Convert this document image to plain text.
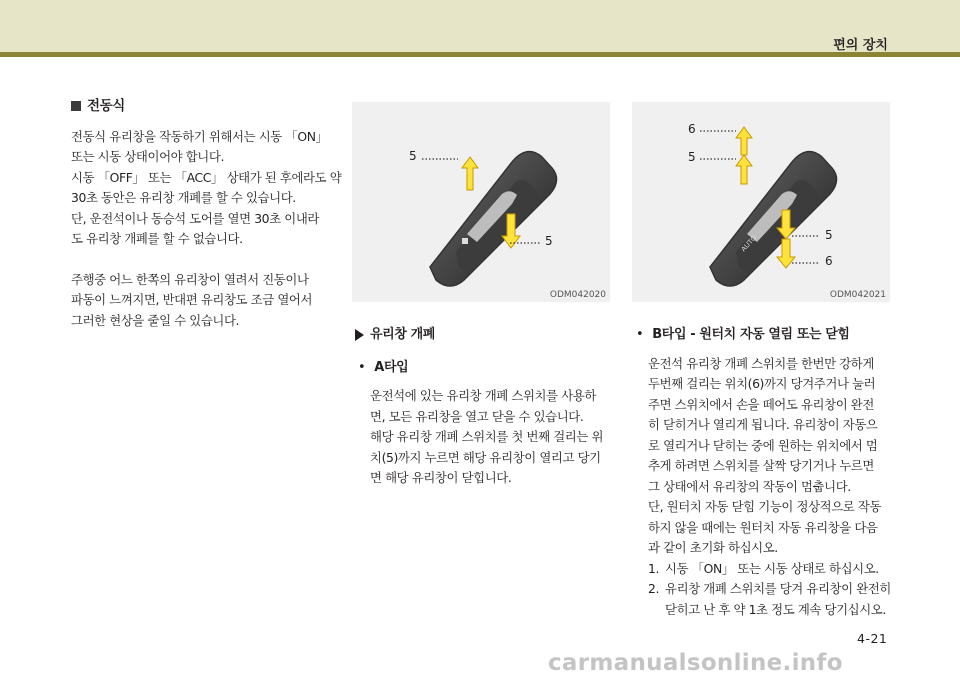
편의 장치
전동식

전동식 유리창을 작동하기 위해서는 시동 「ON」

또는 시동 상태이어야 합니다.

시동 「OFF」 또는 「ACC」 상태가 된 후에라도 약

30초 동안은 유리창 개폐를 할 수 있습니다.

단, 운전석이나 동승석 도어를 열면 30초 이내라

도 유리창 개폐를 할 수 없습니다.

주행중 어느 한쪽의 유리창이 열려서 진동이나

파동이 느껴지면, 반대편 유리창도 조금 열어서

그러한 현상을 줄일 수 있습니다.

5
5
ODM042020
AUTO
6
5
5
6
ODM042021
유리창 개폐
• A타입

운전석에 있는 유리창 개폐 스위치를 사용하

면, 모든 유리창을 열고 닫을 수 있습니다.

해당 유리창 개폐 스위치를 첫 번째 걸리는 위

치(5)까지 누르면 해당 유리창이 열리고 당기

면 해당 유리창이 닫힙니다.

• B타입 - 원터치 자동 열림 또는 닫힘

운전석 유리창 개폐 스위치를 한번만 강하게

두번째 걸리는 위치(6)까지 당겨주거나 눌러

주면 스위치에서 손을 떼어도 유리창이 완전

히 닫히거나 열리게 됩니다. 유리창이 자동으

로 열리거나 닫히는 중에 원하는 위치에서 멈

추게 하려면 스위치를 살짝 당기거나 누르면

그 상태에서 유리창의 작동이 멈춥니다.

단, 원터치 자동 닫힘 기능이 정상적으로 작동

하지 않을 때에는 원터치 자동 유리창을 다음

과 같이 초기화 하십시오.

1. 시동 「ON」 또는 시동 상태로 하십시오.

2. 유리창 개폐 스위치를 당겨 유리창이 완전히

닫히고 난 후 약 1초 정도 계속 당기십시오.

4-21
carmanualsonline.info
